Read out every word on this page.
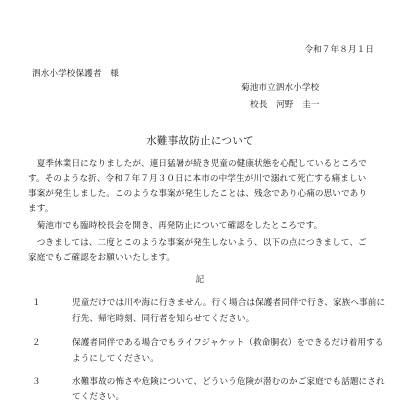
令和７年８月１日
泗水小学校保護者　様
菊池市立泗水小学校
校長　河野　圭一
水難事故防止について
　夏季休業日になりましたが、連日猛暑が続き児童の健康状態を心配しているところで
す。そのような折、令和７年７月３０日に本市の中学生が川で溺れて死亡する痛ましい
事案が発生しました。このような事案が発生したことは、残念であり心痛の思いであり
ます。
　菊池市でも臨時校長会を開き、再発防止について確認をしたところです。
　つきましては、二度とこのような事案が発生しないよう、以下の点につきまして、ご
家庭でもご確認をお願いいたします。
記
１	児童だけでは川や海に行きません。行く場合は保護者同伴で行き、家族へ事前に
行先、帰宅時刻、同行者を知らせてください。
２	保護者同伴である場合でもライフジャケット（救命胴衣）をできるだけ着用する
ようにしてください。
３	水難事故の怖さや危険について、どういう危険が潜むのかご家庭でも話題にされ
てください。
